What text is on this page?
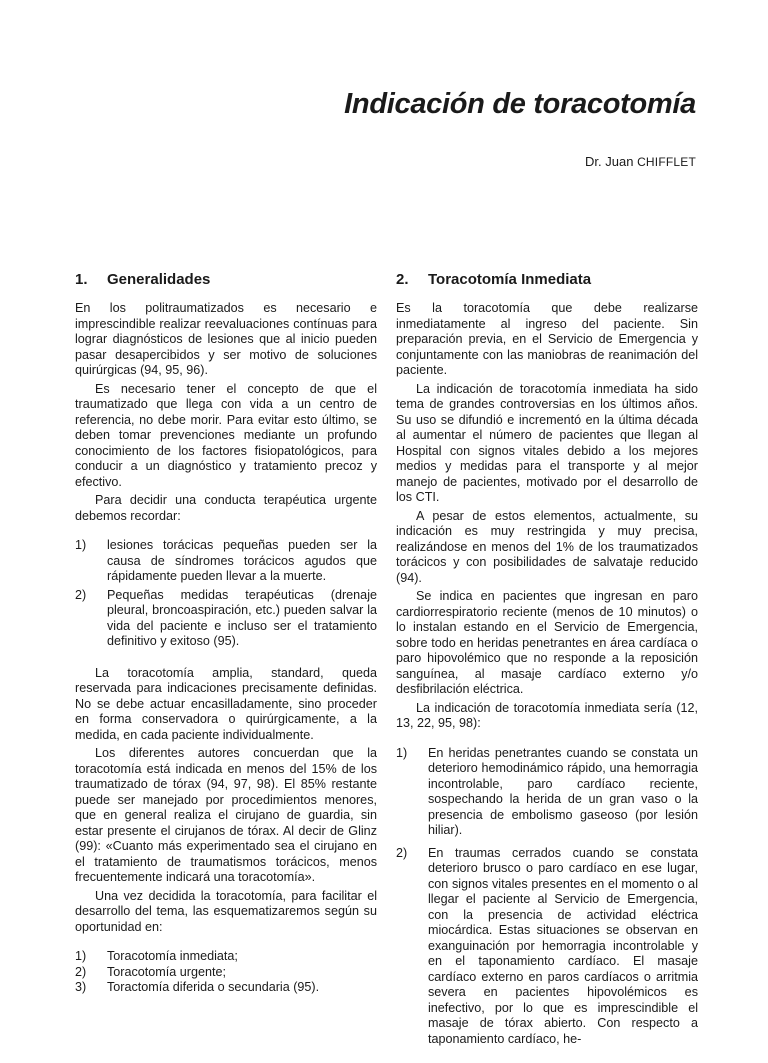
Indicación de toracotomía

Dr. Juan CHIFFLET

1.	Generalidades

En los politraumatizados es necesario e imprescindible realizar reevaluaciones contínuas para lograr diagnósticos de lesiones que al inicio pueden pasar desapercibidos y ser motivo de soluciones quirúrgicas (94, 95, 96).

Es necesario tener el concepto de que el traumatizado que llega con vida a un centro de referencia, no debe morir. Para evitar esto último, se deben tomar prevenciones mediante un profundo conocimiento de los factores fisiopatológicos, para conducir a un diagnóstico y tratamiento precoz y efectivo.

Para decidir una conducta terapéutica urgente debemos recordar:

1)	lesiones torácicas pequeñas pueden ser la causa de síndromes torácicos agudos que rápidamente pueden llevar a la muerte.
2)	Pequeñas medidas terapéuticas (drenaje pleural, broncoaspiración, etc.) pueden salvar la vida del paciente e incluso ser el tratamiento definitivo y exitoso (95).

La toracotomía amplia, standard, queda reservada para indicaciones precisamente definidas. No se debe actuar encasilladamente, sino proceder en forma conservadora o quirúrgicamente, a la medida, en cada paciente individualmente.

Los diferentes autores concuerdan que la toracotomía está indicada en menos del 15% de los traumatizado de tórax (94, 97, 98). El 85% restante puede ser manejado por procedimientos menores, que en general realiza el cirujano de guardia, sin estar presente el cirujanos de tórax. Al decir de Glinz (99): «Cuanto más experimentado sea el cirujano en el tratamiento de traumatismos torácicos, menos frecuentemente indicará una toracotomía».

Una vez decidida la toracotomía, para facilitar el desarrollo del tema, las esquematizaremos según su oportunidad en:

1)	Toracotomía inmediata;
2)	Toracotomía urgente;
3)	Toractomía diferida o secundaria (95).
2.	Toracotomía Inmediata

Es la toracotomía que debe realizarse inmediatamente al ingreso del paciente. Sin preparación previa, en el Servicio de Emergencia y conjuntamente con las maniobras de reanimación del paciente.

La indicación de toracotomía inmediata ha sido tema de grandes controversias en los últimos años. Su uso se difundió e incrementó en la última década al aumentar el número de pacientes que llegan al Hospital con signos vitales debido a los mejores medios y medidas para el transporte y al mejor manejo de pacientes, motivado por el desarrollo de los CTI.

A pesar de estos elementos, actualmente, su indicación es muy restringida y muy precisa, realizándose en menos del 1% de los traumatizados torácicos y con posibilidades de salvataje reducido (94).

Se indica en pacientes que ingresan en paro cardiorrespiratorio reciente (menos de 10 minutos) o lo instalan estando en el Servicio de Emergencia, sobre todo en heridas penetrantes en área cardíaca o paro hipovolémico que no responde a la reposición sanguínea, al masaje cardíaco externo y/o desfibrilación eléctrica.

La indicación de toracotomía inmediata sería (12, 13, 22, 95, 98):

1)	En heridas penetrantes cuando se constata un deterioro hemodinámico rápido, una hemorragia incontrolable, paro cardíaco reciente, sospechando la herida de un gran vaso o la presencia de embolismo gaseoso (por lesión hiliar).
2)	En traumas cerrados cuando se constata deterioro brusco o paro cardíaco en ese lugar, con signos vitales presentes en el momento o al llegar el paciente al Servicio de Emergencia, con la presencia de actividad eléctrica miocárdica. Estas situaciones se observan en exanguinación por hemorragia incontrolable y en el taponamiento cardíaco. El masaje cardíaco externo en paros cardíacos o arritmia severa en pacientes hipovolémicos es inefectivo, por lo que es imprescindible el masaje de tórax abierto. Con respecto a taponamiento cardíaco, he-
